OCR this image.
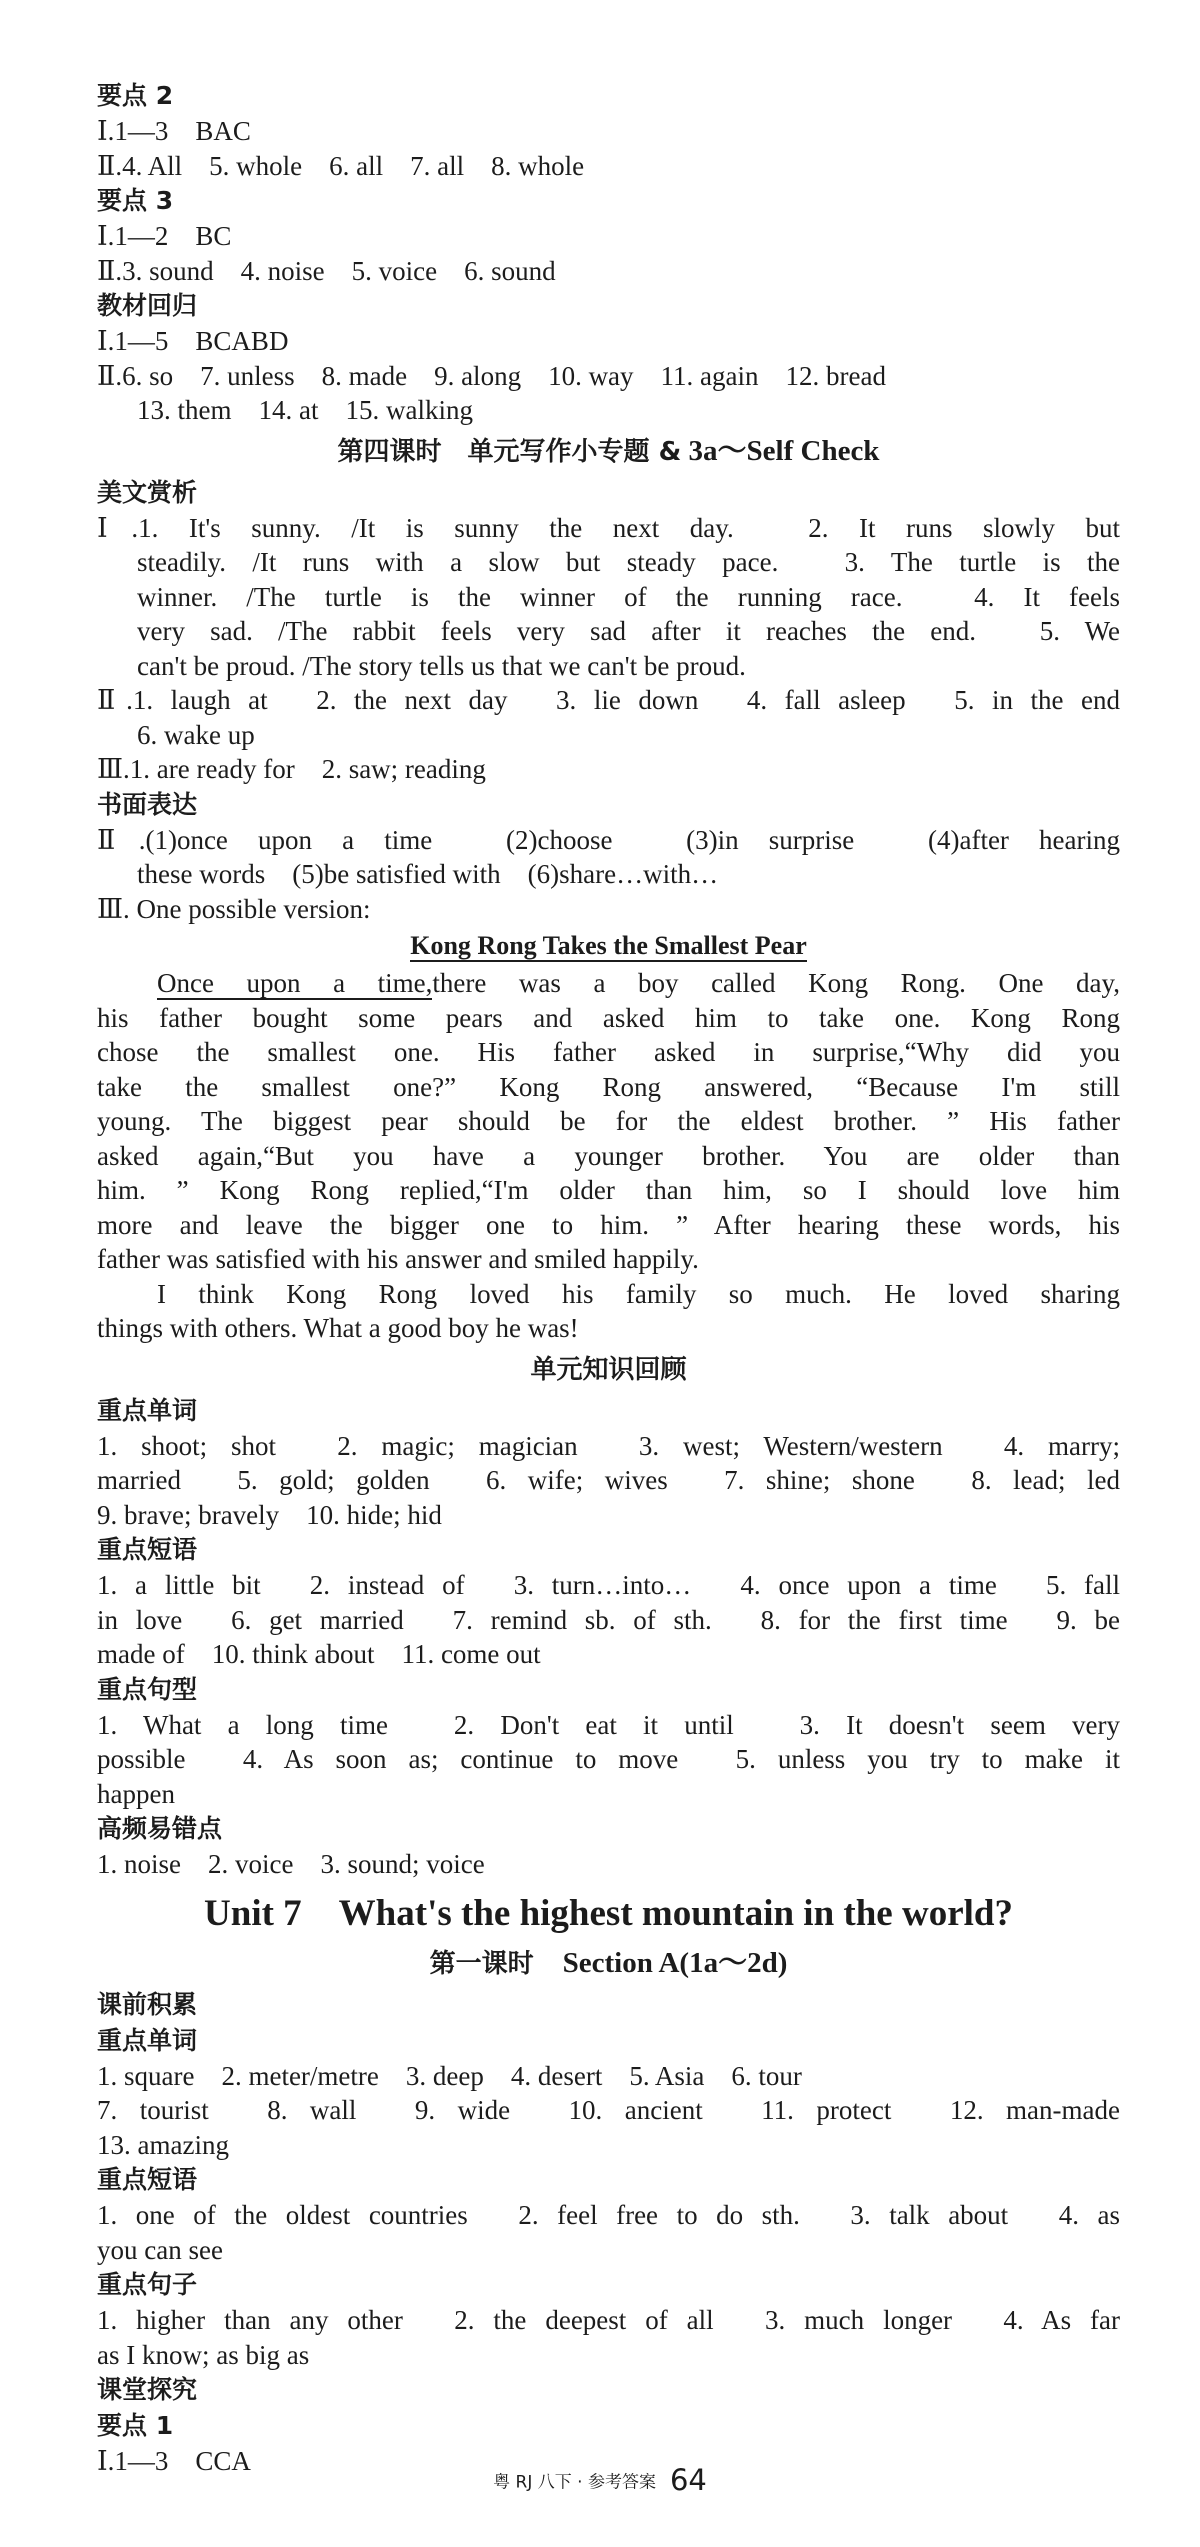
要点 2

Ⅰ.1—3　BAC

Ⅱ.4. All　5. whole　6. all　7. all　8. whole

要点 3

Ⅰ.1—2　BC

Ⅱ.3. sound　4. noise　5. voice　6. sound

教材回归

Ⅰ.1—5　BCABD

Ⅱ.6. so　7. unless　8. made　9. along　10. way　11. again　12. bread

13. them　14. at　15. walking

第四课时　单元写作小专题 & 3a～Self Check

美文赏析

Ⅰ.1. It's sunny. /It is sunny the next day.　2. It runs slowly but

steadily. /It runs with a slow but steady pace.　3. The turtle is the

winner. /The turtle is the winner of the running race.　4. It feels

very sad. /The rabbit feels very sad after it reaches the end.　5. We

can't be proud. /The story tells us that we can't be proud.

Ⅱ.1. laugh at　2. the next day　3. lie down　4. fall asleep　5. in the end

6. wake up

Ⅲ.1. are ready for　2. saw; reading

书面表达

Ⅱ.(1)once upon a time　(2)choose　(3)in surprise　(4)after hearing

these words　(5)be satisfied with　(6)share…with…

Ⅲ. One possible version:

Kong Rong Takes the Smallest Pear

Once upon a time,there was a boy called Kong Rong. One day,

his father bought some pears and asked him to take one. Kong Rong

chose the smallest one. His father asked in surprise,“Why did you

take the smallest one?” Kong Rong answered, “Because I'm still

young. The biggest pear should be for the eldest brother. ” His father

asked again,“But you have a younger brother. You are older than

him. ” Kong Rong replied,“I'm older than him, so I should love him

more and leave the bigger one to him. ” After hearing these words, his

father was satisfied with his answer and smiled happily.

I think Kong Rong loved his family so much. He loved sharing

things with others. What a good boy he was!

单元知识回顾

重点单词

1. shoot; shot　2. magic; magician　3. west; Western/western　4. marry;

married　5. gold; golden　6. wife; wives　7. shine; shone　8. lead; led

9. brave; bravely　10. hide; hid

重点短语

1. a little bit　2. instead of　3. turn…into…　4. once upon a time　5. fall

in love　6. get married　7. remind sb. of sth.　8. for the first time　9. be

made of　10. think about　11. come out

重点句型

1. What a long time　2. Don't eat it until　3. It doesn't seem very

possible　4. As soon as; continue to move　5. unless you try to make it

happen

高频易错点

1. noise　2. voice　3. sound; voice

Unit 7　What's the highest mountain in the world?

第一课时　Section A(1a～2d)

课前积累

重点单词

1. square　2. meter/metre　3. deep　4. desert　5. Asia　6. tour

7. tourist　8. wall　9. wide　10. ancient　11. protect　12. man-made

13. amazing

重点短语

1. one of the oldest countries　2. feel free to do sth.　3. talk about　4. as

you can see

重点句子

1. higher than any other　2. the deepest of all　3. much longer　4. As far

as I know; as big as

课堂探究

要点 1

Ⅰ.1—3　CCA

粤 RJ 八下 · 参考答案 64
